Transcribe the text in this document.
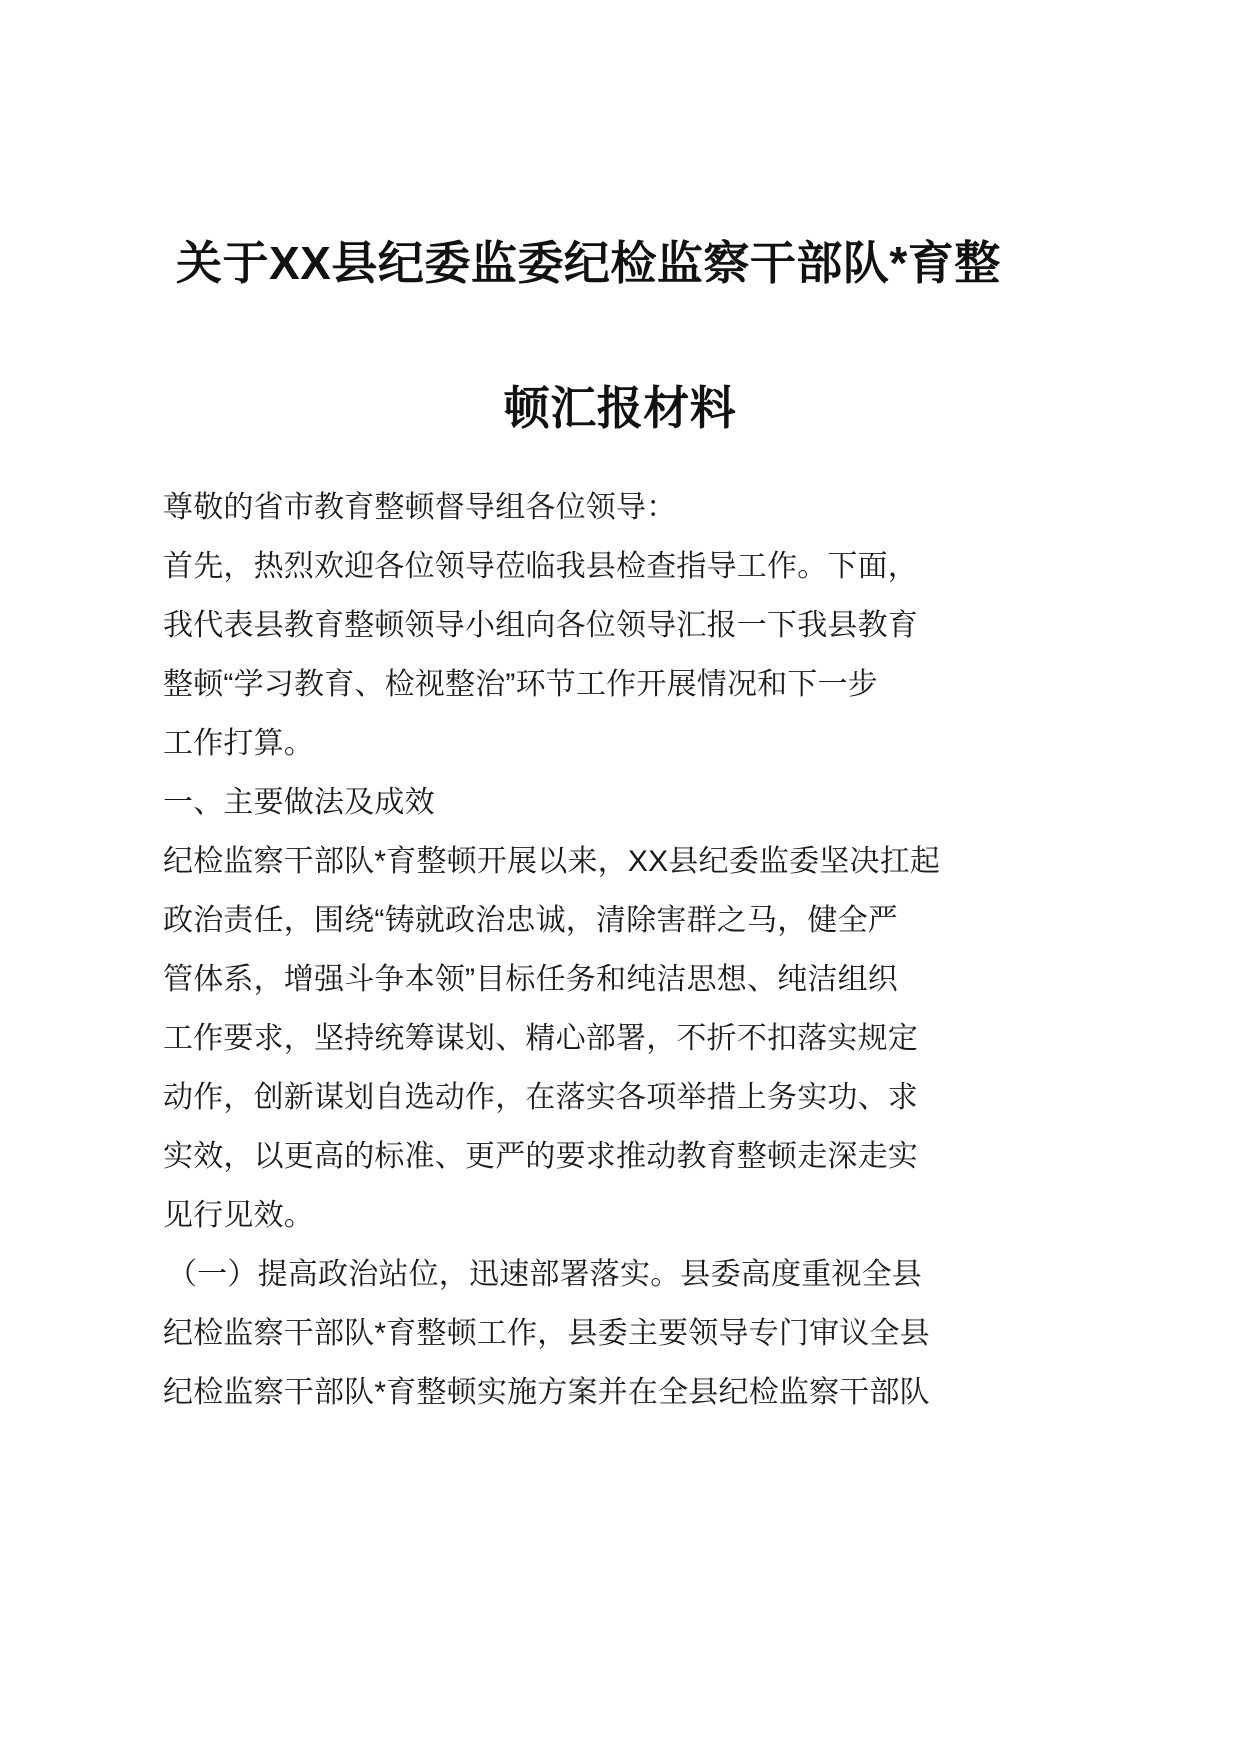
关于XX县纪委监委纪检监察干部队*育整
顿汇报材料
尊敬的省市教育整顿督导组各位领导：
首先，热烈欢迎各位领导莅临我县检查指导工作。下面，
我代表县教育整顿领导小组向各位领导汇报一下我县教育
整顿“学习教育、检视整治”环节工作开展情况和下一步
工作打算。
一、主要做法及成效
纪检监察干部队*育整顿开展以来，XX县纪委监委坚决扛起
政治责任，围绕“铸就政治忠诚，清除害群之马，健全严
管体系，增强斗争本领”目标任务和纯洁思想、纯洁组织
工作要求，坚持统筹谋划、精心部署，不折不扣落实规定
动作，创新谋划自选动作，在落实各项举措上务实功、求
实效，以更高的标准、更严的要求推动教育整顿走深走实
见行见效。
（一）提高政治站位，迅速部署落实。县委高度重视全县
纪检监察干部队*育整顿工作，县委主要领导专门审议全县
纪检监察干部队*育整顿实施方案并在全县纪检监察干部队
